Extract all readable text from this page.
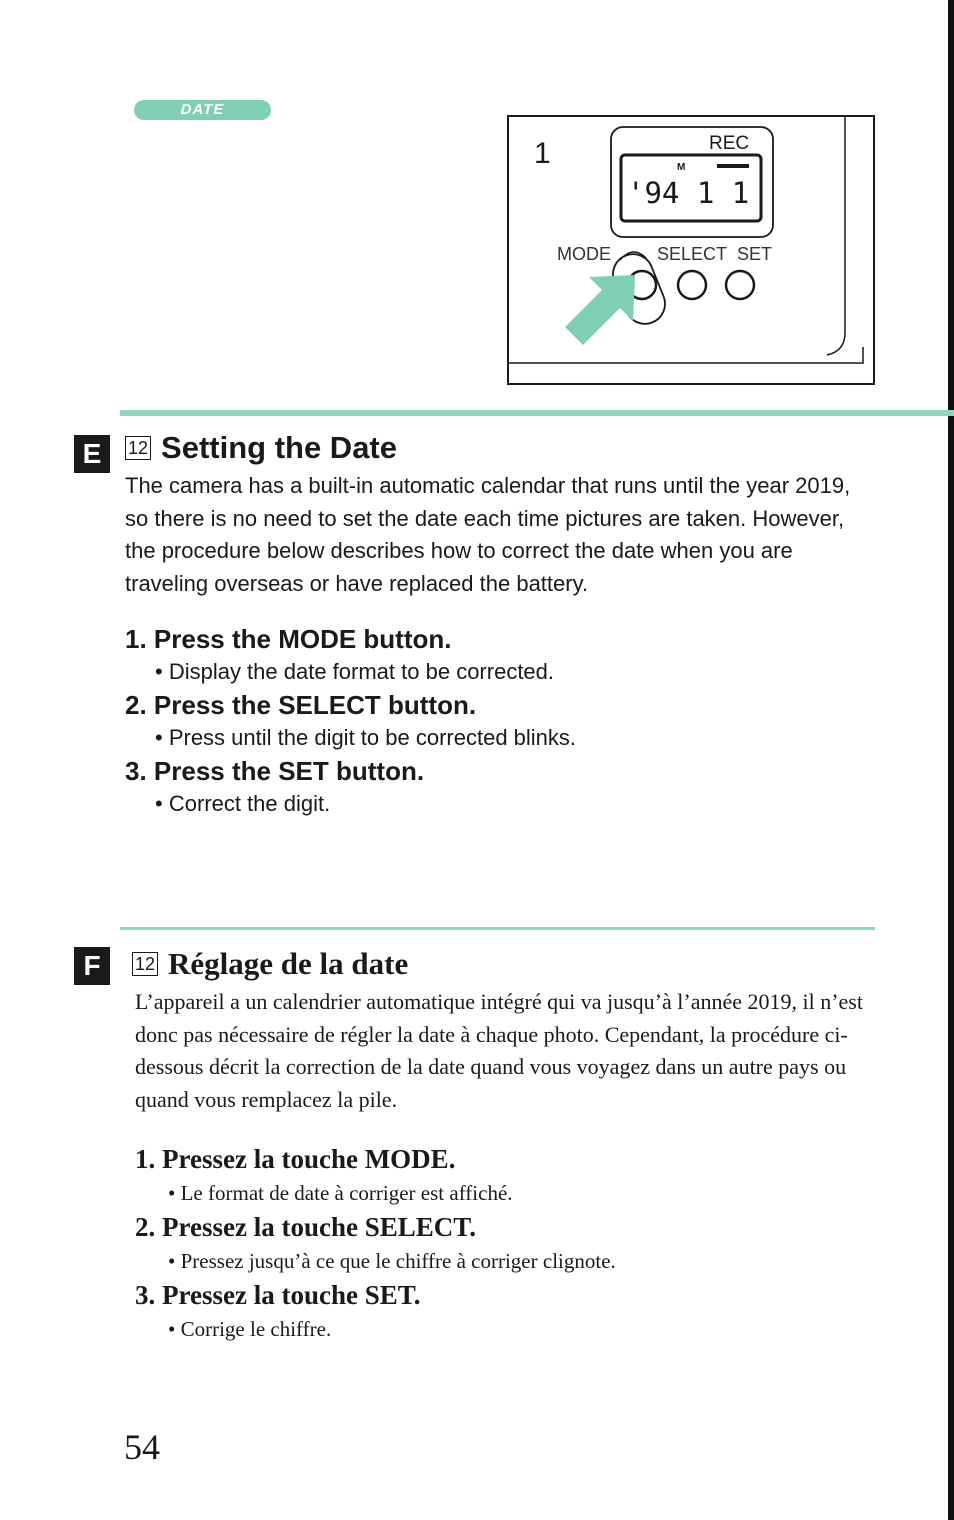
DATE
1	REC
M
'94 1 1
MODE	SELECT SET
E	12 Setting the Date

The camera has a built-in automatic calendar that runs until the year 2019, so there is no need to set the date each time pictures are taken. However, the procedure below describes how to correct the date when you are traveling overseas or have replaced the battery.

1. Press the MODE button.

• Display the date format to be corrected.

2. Press the SELECT button.

• Press until the digit to be corrected blinks.

3. Press the SET button.

• Correct the digit.

F	12 Réglage de la date

L’appareil a un calendrier automatique intégré qui va jusqu’à l’année 2019, il n’est donc pas nécessaire de régler la date à chaque photo. Cependant, la procédure ci-dessous décrit la correction de la date quand vous voyagez dans un autre pays ou quand vous remplacez la pile.

1. Pressez la touche MODE.

• Le format de date à corriger est affiché.

2. Pressez la touche SELECT.

• Pressez jusqu’à ce que le chiffre à corriger clignote.

3. Pressez la touche SET.

• Corrige le chiffre.

54
